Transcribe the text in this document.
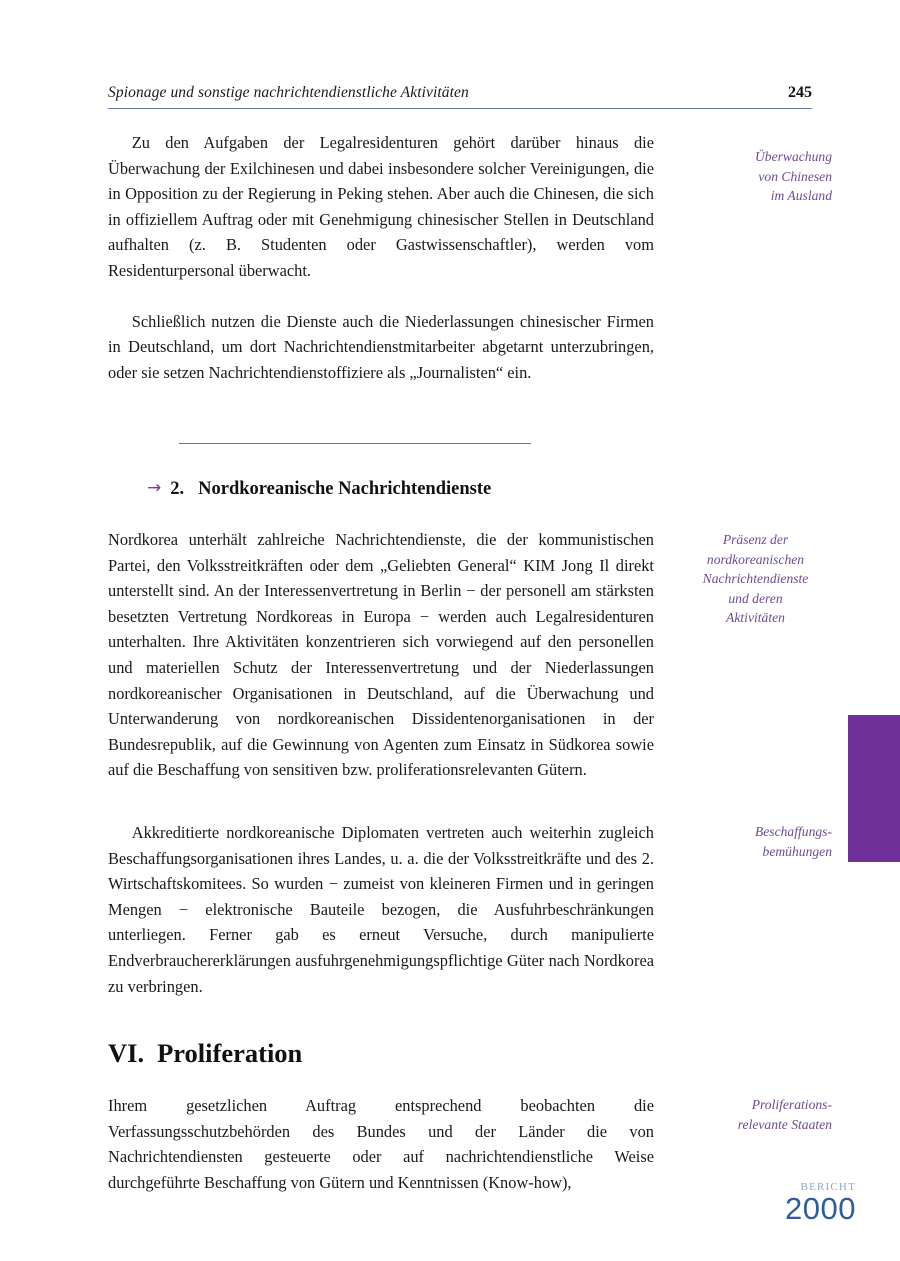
Spionage und sonstige nachrichtendienstliche Aktivitäten	245

Zu den Aufgaben der Legalresidenturen gehört darüber hinaus die Überwachung der Exilchinesen und dabei insbesondere solcher Vereinigungen, die in Opposition zu der Regierung in Peking stehen. Aber auch die Chinesen, die sich in offiziellem Auftrag oder mit Genehmigung chinesischer Stellen in Deutschland aufhalten (z. B. Studenten oder Gastwissenschaftler), werden vom Residenturpersonal überwacht.

Schließlich nutzen die Dienste auch die Niederlassungen chinesischer Firmen in Deutschland, um dort Nachrichtendienstmitarbeiter abgetarnt unterzubringen, oder sie setzen Nachrichtendienstoffiziere als „Journalisten“ ein.

→ 2. Nordkoreanische Nachrichtendienste

Nordkorea unterhält zahlreiche Nachrichtendienste, die der kommunistischen Partei, den Volksstreitkräften oder dem „Geliebten General“ KIM Jong Il direkt unterstellt sind. An der Interessenvertretung in Berlin − der personell am stärksten besetzten Vertretung Nordkoreas in Europa − werden auch Legalresidenturen unterhalten. Ihre Aktivitäten konzentrieren sich vorwiegend auf den personellen und materiellen Schutz der Interessenvertretung und der Niederlassungen nordkoreanischer Organisationen in Deutschland, auf die Überwachung und Unterwanderung von nordkoreanischen Dissidentenorganisationen in der Bundesrepublik, auf die Gewinnung von Agenten zum Einsatz in Südkorea sowie auf die Beschaffung von sensitiven bzw. proliferationsrelevanten Gütern.

Akkreditierte nordkoreanische Diplomaten vertreten auch weiterhin zugleich Beschaffungsorganisationen ihres Landes, u. a. die der Volksstreitkräfte und des 2. Wirtschaftskomitees. So wurden − zumeist von kleineren Firmen und in geringen Mengen − elektronische Bauteile bezogen, die Ausfuhrbeschränkungen unterliegen. Ferner gab es erneut Versuche, durch manipulierte Endverbrauchererklärungen ausfuhrgenehmigungspflichtige Güter nach Nordkorea zu verbringen.

VI. Proliferation

Ihrem gesetzlichen Auftrag entsprechend beobachten die Verfassungsschutzbehörden des Bundes und der Länder die von Nachrichtendiensten gesteuerte oder auf nachrichtendienstliche Weise durchgeführte Beschaffung von Gütern und Kenntnissen (Know-how),

Überwachung
von Chinesen
im Ausland
Präsenz der
nordkoreanischen
Nachrichtendienste
und deren
Aktivitäten
Beschaffungs-
bemühungen
Proliferations-
relevante Staaten
bericht
2000
